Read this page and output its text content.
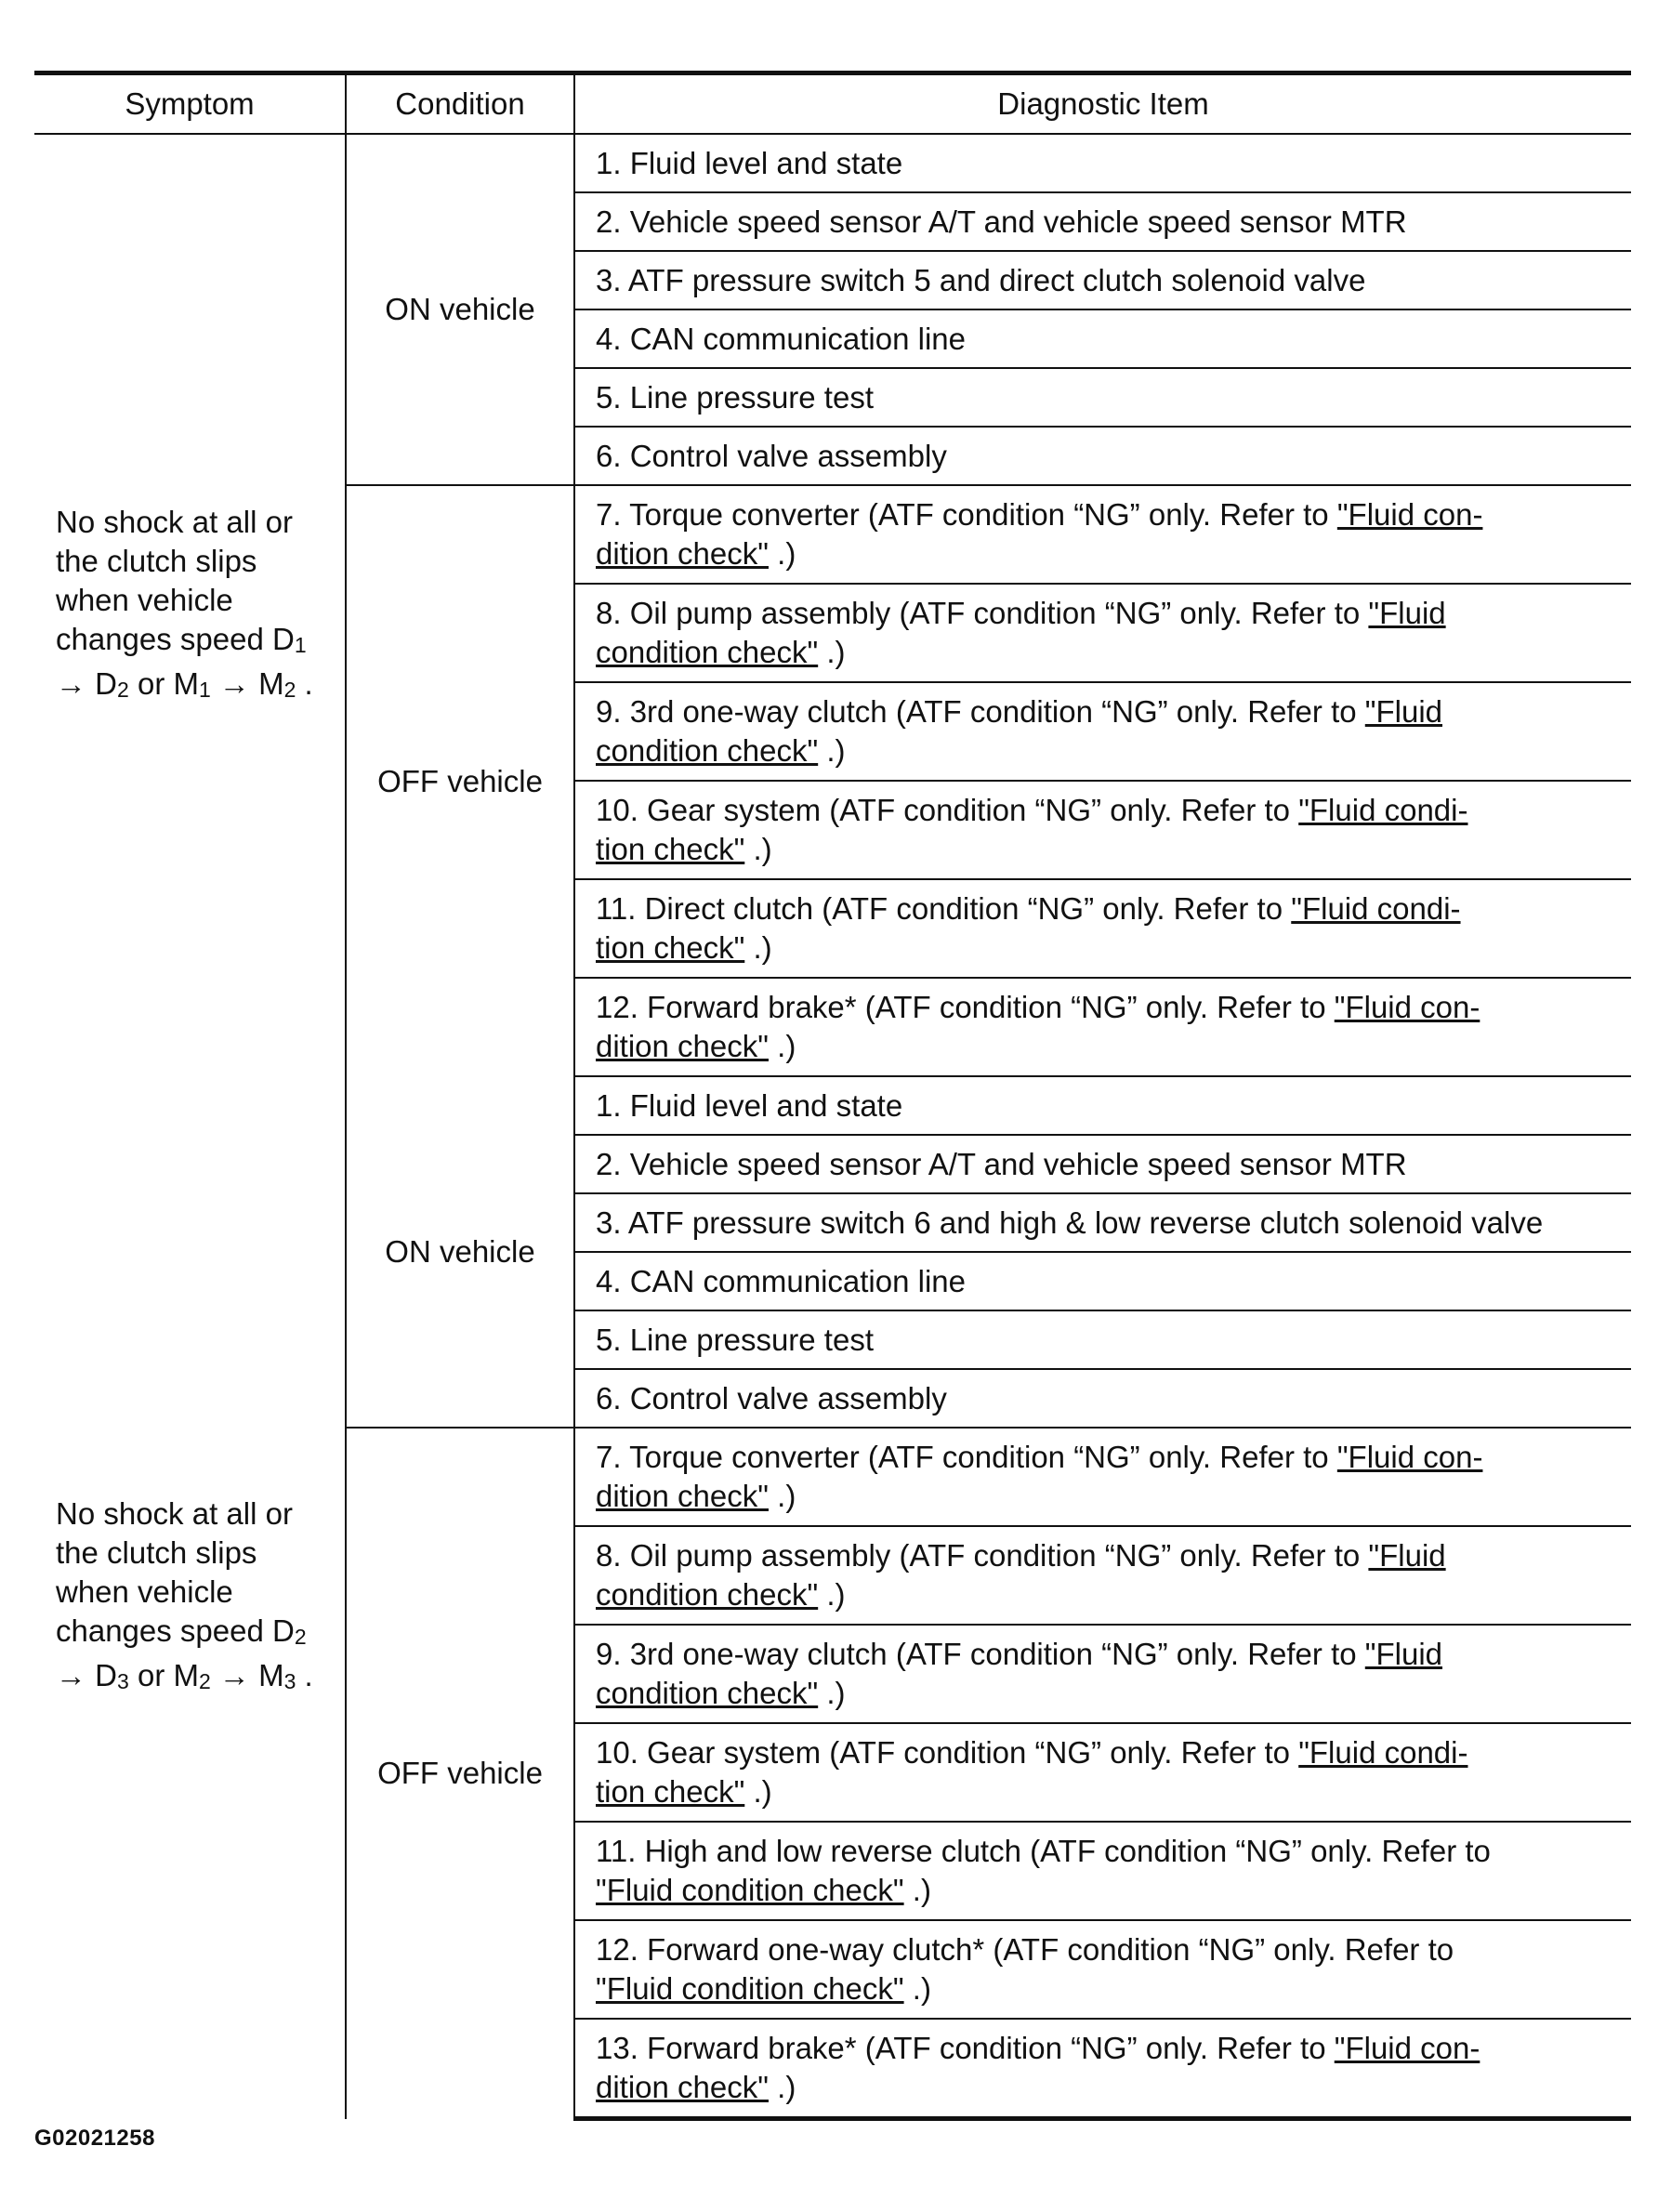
Symptom	Condition	Diagnostic Item

No shock at all or
the clutch slips
when vehicle
changes speed D1
→ D2 or M1 → M2 .	ON vehicle	1. Fluid level and state
		2. Vehicle speed sensor A/T and vehicle speed sensor MTR
		3. ATF pressure switch 5 and direct clutch solenoid valve
		4. CAN communication line
		5. Line pressure test
		6. Control valve assembly
	OFF vehicle	7. Torque converter (ATF condition “NG” only. Refer to "Fluid con-
dition check" .)

		8. Oil pump assembly (ATF condition “NG” only. Refer to "Fluid
condition check" .)

		9. 3rd one-way clutch (ATF condition “NG” only. Refer to "Fluid
condition check" .)

		10. Gear system (ATF condition “NG” only. Refer to "Fluid condi-
tion check" .)

		11. Direct clutch (ATF condition “NG” only. Refer to "Fluid condi-
tion check" .)

		12. Forward brake* (ATF condition “NG” only. Refer to "Fluid con-
dition check" .)

No shock at all or
the clutch slips
when vehicle
changes speed D2
→ D3 or M2 → M3 .	ON vehicle	1. Fluid level and state
		2. Vehicle speed sensor A/T and vehicle speed sensor MTR
		3. ATF pressure switch 6 and high & low reverse clutch solenoid valve
		4. CAN communication line
		5. Line pressure test
		6. Control valve assembly
	OFF vehicle	7. Torque converter (ATF condition “NG” only. Refer to "Fluid con-
dition check" .)

		8. Oil pump assembly (ATF condition “NG” only. Refer to "Fluid
condition check" .)

		9. 3rd one-way clutch (ATF condition “NG” only. Refer to "Fluid
condition check" .)

		10. Gear system (ATF condition “NG” only. Refer to "Fluid condi-
tion check" .)

		11. High and low reverse clutch (ATF condition “NG” only. Refer to
"Fluid condition check" .)

		12. Forward one-way clutch* (ATF condition “NG” only. Refer to
"Fluid condition check" .)

		13. Forward brake* (ATF condition “NG” only. Refer to "Fluid con-
dition check" .)
G02021258
